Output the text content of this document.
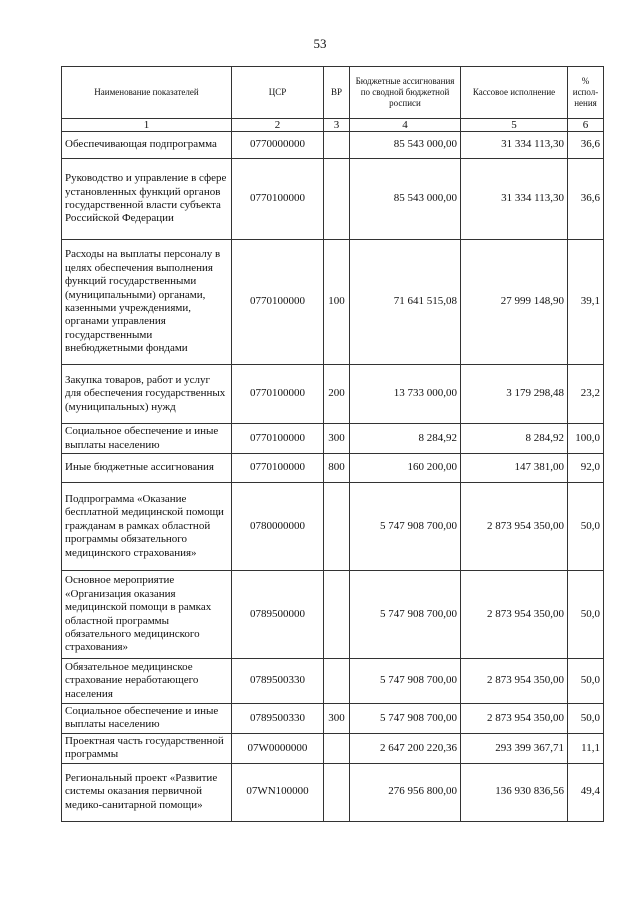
53
Наименование показателей	ЦСР	ВР	Бюджетные ассигнования по сводной бюджетной росписи	Кассовое исполнение	% испол-нения
1	2	3	4	5	6
Обеспечивающая подпрограмма	0770000000		85 543 000,00	31 334 113,30	36,6
Руководство и управление в сфере установленных функций органов государственной власти субъекта Российской Федерации	0770100000		85 543 000,00	31 334 113,30	36,6
Расходы на выплаты персоналу в целях обеспечения выполнения функций государственными (муниципальными) органами, казенными учреждениями, органами управления государственными внебюджетными фондами	0770100000	100	71 641 515,08	27 999 148,90	39,1
Закупка товаров, работ и услуг для обеспечения государственных (муниципальных) нужд	0770100000	200	13 733 000,00	3 179 298,48	23,2
Социальное обеспечение и иные выплаты населению	0770100000	300	8 284,92	8 284,92	100,0
Иные бюджетные ассигнования	0770100000	800	160 200,00	147 381,00	92,0
Подпрограмма «Оказание бесплатной медицинской помощи гражданам в рамках областной программы обязательного медицинского страхования»	0780000000		5 747 908 700,00	2 873 954 350,00	50,0
Основное мероприятие «Организация оказания медицинской помощи в рамках областной программы обязательного медицинского страхования»	0789500000		5 747 908 700,00	2 873 954 350,00	50,0
Обязательное медицинское страхование неработающего населения	0789500330		5 747 908 700,00	2 873 954 350,00	50,0
Социальное обеспечение и иные выплаты населению	0789500330	300	5 747 908 700,00	2 873 954 350,00	50,0
Проектная часть государственной программы	07W0000000		2 647 200 220,36	293 399 367,71	11,1
Региональный проект «Развитие системы оказания первичной медико-санитарной помощи»	07WN100000		276 956 800,00	136 930 836,56	49,4
